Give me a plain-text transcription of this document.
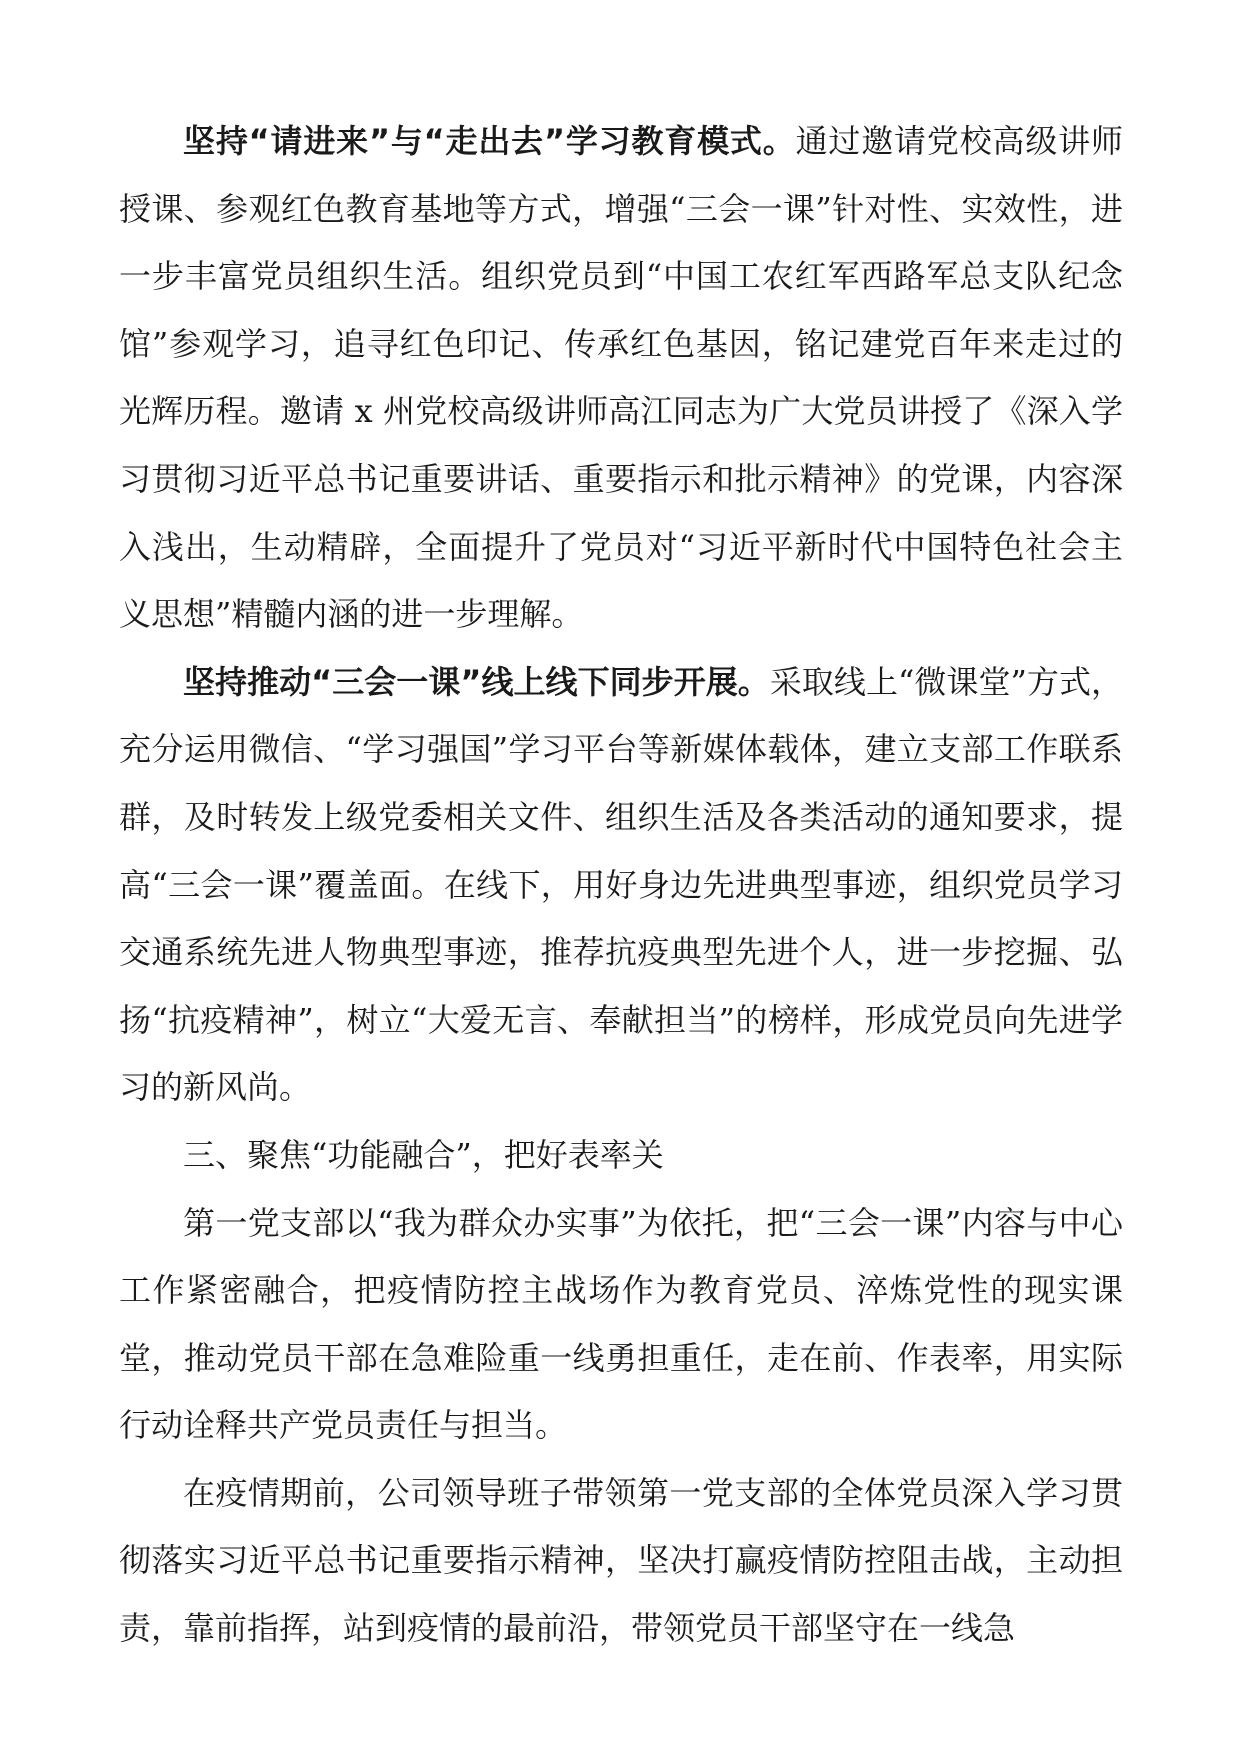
坚持“请进来”与“走出去”学习教育模式。通过邀请党校高级讲师授课、参观红色教育基地等方式，增强“三会一课”针对性、实效性，进一步丰富党员组织生活。组织党员到“中国工农红军西路军总支队纪念馆”参观学习，追寻红色印记、传承红色基因，铭记建党百年来走过的光辉历程。邀请 x 州党校高级讲师高江同志为广大党员讲授了《深入学习贯彻习近平总书记重要讲话、重要指示和批示精神》的党课，内容深入浅出，生动精辟，全面提升了党员对“习近平新时代中国特色社会主义思想”精髓内涵的进一步理解。

坚持推动“三会一课”线上线下同步开展。采取线上“微课堂”方式，充分运用微信、“学习强国”学习平台等新媒体载体，建立支部工作联系群，及时转发上级党委相关文件、组织生活及各类活动的通知要求，提高“三会一课”覆盖面。在线下，用好身边先进典型事迹，组织党员学习交通系统先进人物典型事迹，推荐抗疫典型先进个人，进一步挖掘、弘扬“抗疫精神”，树立“大爱无言、奉献担当”的榜样，形成党员向先进学习的新风尚。

三、聚焦“功能融合”，把好表率关

第一党支部以“我为群众办实事”为依托，把“三会一课”内容与中心工作紧密融合，把疫情防控主战场作为教育党员、淬炼党性的现实课堂，推动党员干部在急难险重一线勇担重任，走在前、作表率，用实际行动诠释共产党员责任与担当。

在疫情期前，公司领导班子带领第一党支部的全体党员深入学习贯彻落实习近平总书记重要指示精神，坚决打赢疫情防控阻击战，主动担责，靠前指挥，站到疫情的最前沿，带领党员干部坚守在一线急
